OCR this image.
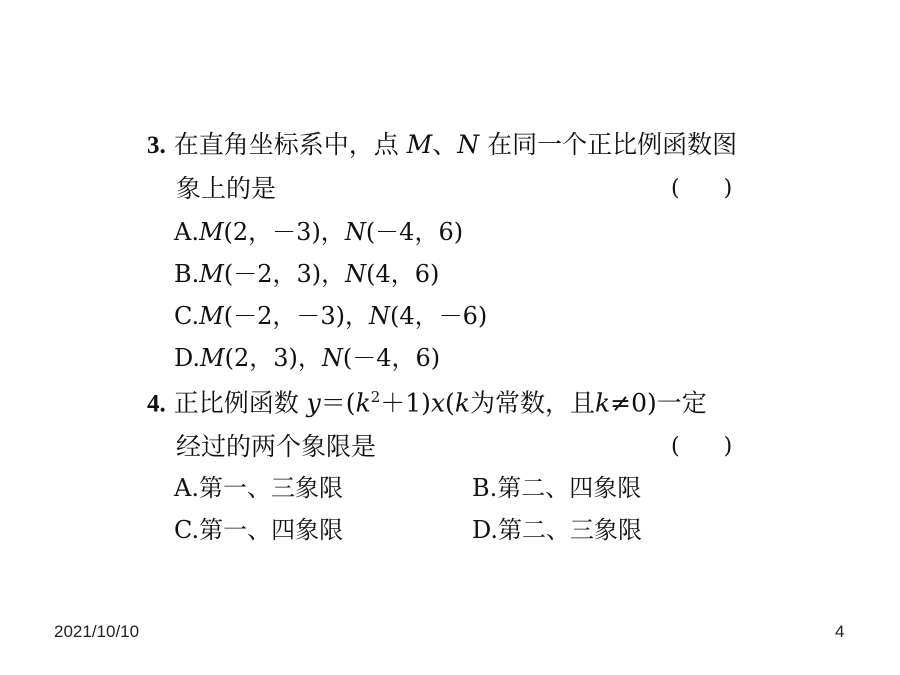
3. 在直角坐标系中，点 M、N 在同一个正比例函数图
象上的是	(　　)
A.M(2，－3)，N(－4，6)
B.M(－2，3)，N(4，6)
C.M(－2，－3)，N(4，－6)
D.M(2，3)，N(－4，6)
4. 正比例函数 $y=(k^2+1)x(k$为常数，且k≠0)一定
经过的两个象限是	(　　)
A.第一、三象限	B.第二、四象限
C.第一、四象限	D.第二、三象限
2021/10/10	4
